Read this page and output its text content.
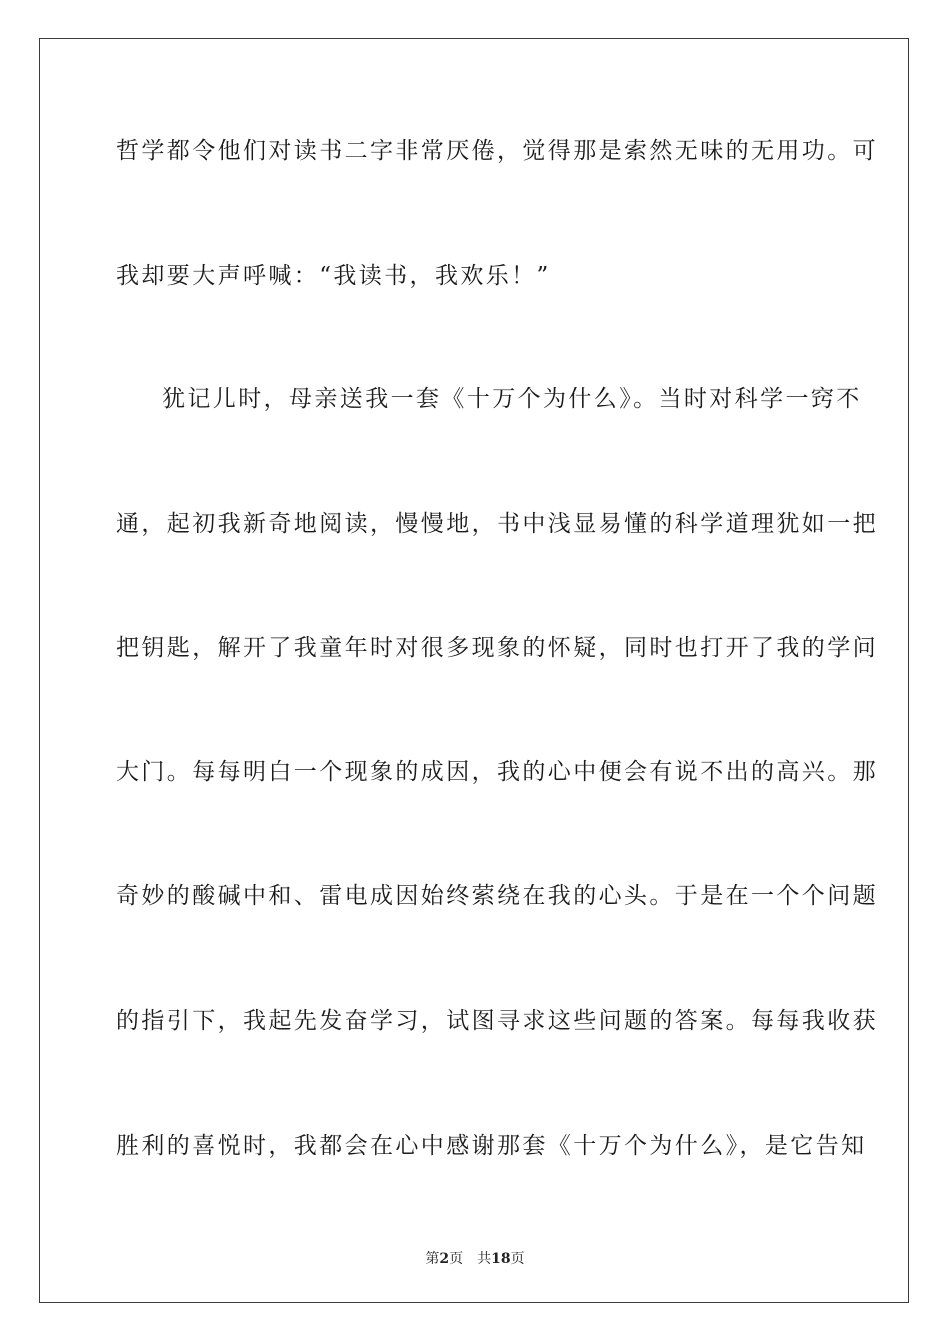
哲学都令他们对读书二字非常厌倦，觉得那是索然无味的无用功。可
我却要大声呼喊：“我读书，我欢乐！”
犹记儿时，母亲送我一套《十万个为什么》。当时对科学一窍不
通，起初我新奇地阅读，慢慢地，书中浅显易懂的科学道理犹如一把
把钥匙，解开了我童年时对很多现象的怀疑，同时也打开了我的学问
大门。每每明白一个现象的成因，我的心中便会有说不出的高兴。那
奇妙的酸碱中和、雷电成因始终萦绕在我的心头。于是在一个个问题
的指引下，我起先发奋学习，试图寻求这些问题的答案。每每我收获
胜利的喜悦时，我都会在心中感谢那套《十万个为什么》，是它告知
第2页 共18页
